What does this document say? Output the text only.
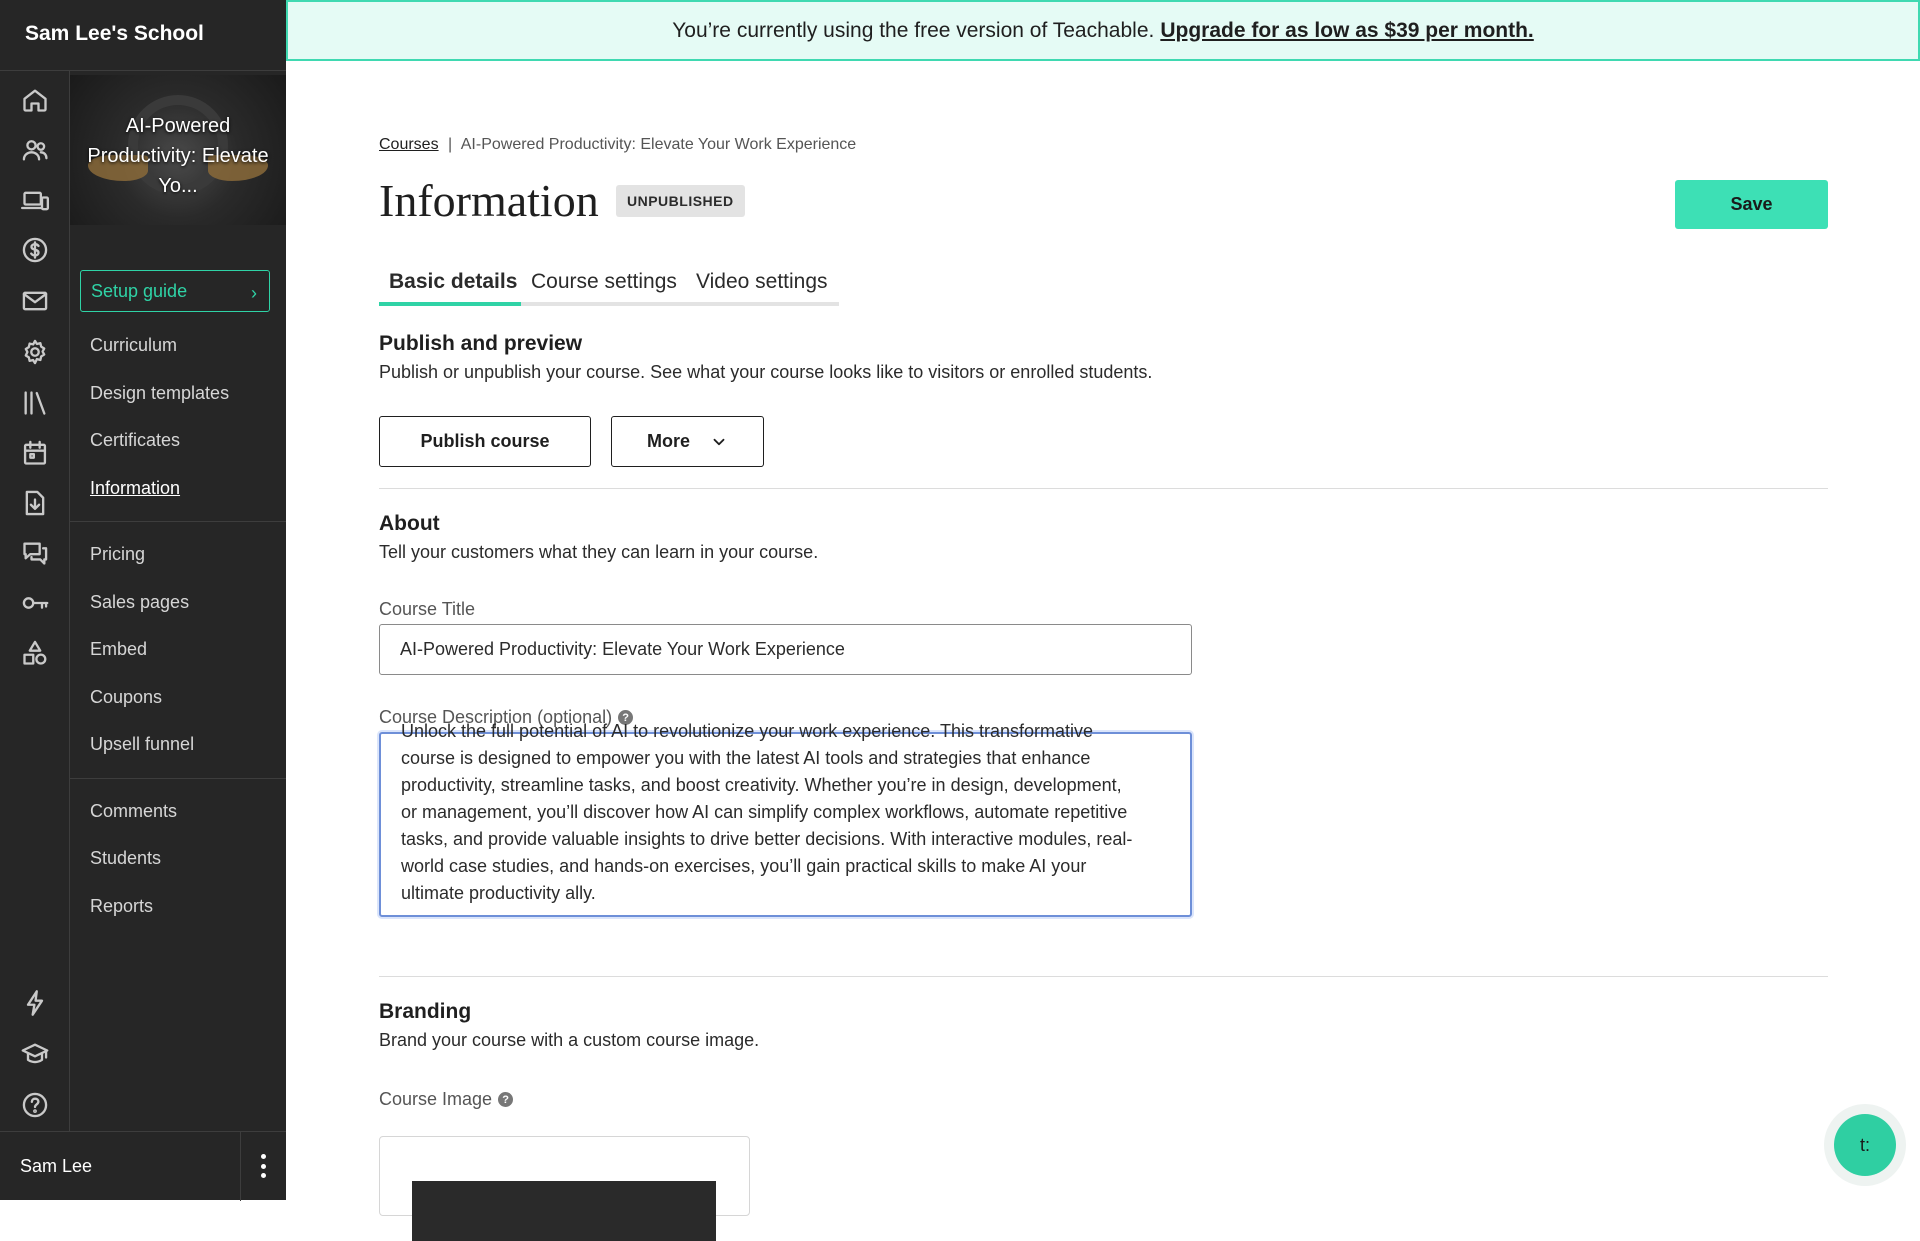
Sam Lee's School
AI-Powered Productivity: Elevate Yo...
Setup guide	›
Curriculum
Design templates
Certificates
Information
Pricing
Sales pages
Embed
Coupons
Upsell funnel
Comments
Students
Reports
Sam Lee
You’re currently using the free version of Teachable. Upgrade for as low as $39 per month.
Courses | AI-Powered Productivity: Elevate Your Work Experience
Information	UNPUBLISHED	Save
Basic details Course settings Video settings
Publish and preview
Publish or unpublish your course. See what your course looks like to visitors or enrolled students.
Publish course	More
About
Tell your customers what they can learn in your course.
Course Title
AI-Powered Productivity: Elevate Your Work Experience
Course Description (optional) ?
Unlock the full potential of AI to revolutionize your work experience. This transformative
course is designed to empower you with the latest AI tools and strategies that enhance
productivity, streamline tasks, and boost creativity. Whether you’re in design, development,
or management, you’ll discover how AI can simplify complex workflows, automate repetitive
tasks, and provide valuable insights to drive better decisions. With interactive modules, real-
world case studies, and hands-on exercises, you’ll gain practical skills to make AI your
ultimate productivity ally.
Branding
Brand your course with a custom course image.
Course Image ?
t:
